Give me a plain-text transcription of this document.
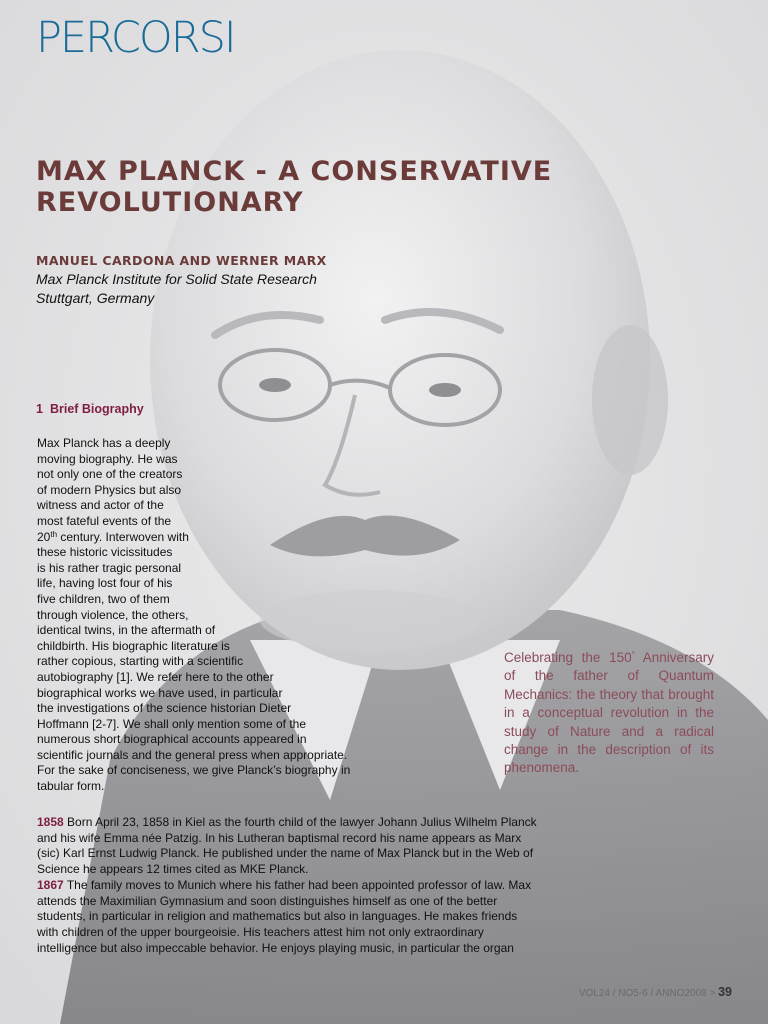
PERCORSI
MAX PLANCK - A CONSERVATIVE
REVOLUTIONARY
MANUEL CARDONA AND WERNER MARX
Max Planck Institute for Solid State Research
Stuttgart, Germany
1 Brief Biography
Max Planck has a deeply
moving biography. He was
not only one of the creators
of modern Physics but also
witness and actor of the
most fateful events of the
20th century. Interwoven with
these historic vicissitudes
is his rather tragic personal
life, having lost four of his
five children, two of them
through violence, the others,
identical twins, in the aftermath of
childbirth. His biographic literature is
rather copious, starting with a scientific
autobiography [1]. We refer here to the other
biographical works we have used, in particular
the investigations of the science historian Dieter
Hoffmann [2-7]. We shall only mention some of the
numerous short biographical accounts appeared in
scientific journals and the general press when appropriate.
For the sake of conciseness, we give Planck’s biography in
tabular form.
Celebrating the 150° Anniversary of the father of Quantum Mechanics: the theory that brought in a conceptual revolution in the study of Nature and a radical change in the description of its phenomena.

1858 Born April 23, 1858 in Kiel as the fourth child of the lawyer Johann Julius Wilhelm Planck and his wife Emma née Patzig. In his Lutheran baptismal record his name appears as Marx (sic) Karl Ernst Ludwig Planck. He published under the name of Max Planck but in the Web of Science he appears 12 times cited as MKE Planck.

1867 The family moves to Munich where his father had been appointed professor of law. Max attends the Maximilian Gymnasium and soon distinguishes himself as one of the better students, in particular in religion and mathematics but also in languages. He makes friends with children of the upper bourgeoisie. His teachers attest him not only extraordinary intelligence but also impeccable behavior. He enjoys playing music, in particular the organ

VOL24 / NO5-6 / ANNO2008 > 39
